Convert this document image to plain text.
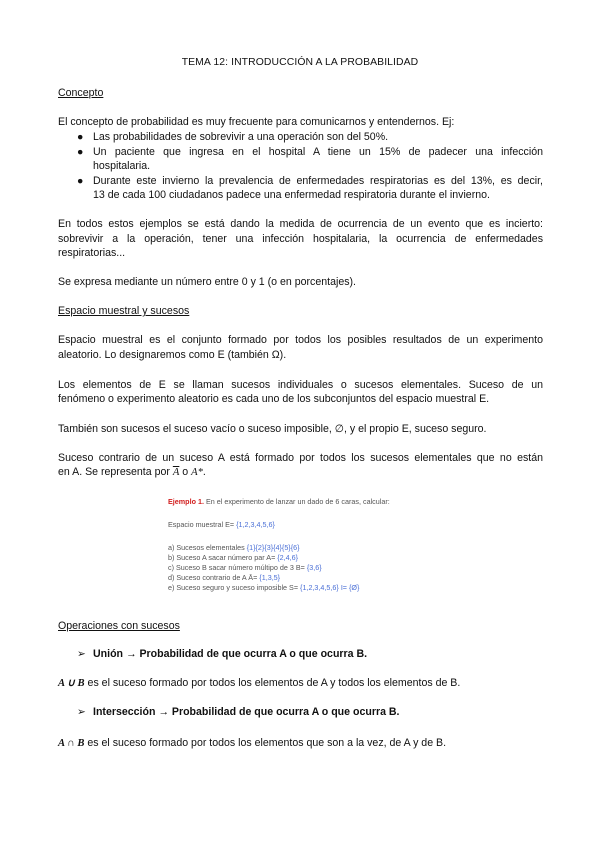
TEMA 12: INTRODUCCIÓN A LA PROBABILIDAD
Concepto
El concepto de probabilidad es muy frecuente para comunicarnos y entendernos. Ej:
● Las probabilidades de sobrevivir a una operación son del 50%.
● Un paciente que ingresa en el hospital A tiene un 15% de padecer una infección
hospitalaria.
● Durante este invierno la prevalencia de enfermedades respiratorias es del 13%, es decir,
13 de cada 100 ciudadanos padece una enfermedad respiratoria durante el invierno.
En todos estos ejemplos se está dando la medida de ocurrencia de un evento que es incierto:
sobrevivir a la operación, tener una infección hospitalaria, la ocurrencia de enfermedades
respiratorias...
Se expresa mediante un número entre 0 y 1 (o en porcentajes).
Espacio muestral y sucesos
Espacio muestral es el conjunto formado por todos los posibles resultados de un experimento
aleatorio. Lo designaremos como E (también Ω).
Los elementos de E se llaman sucesos individuales o sucesos elementales. Suceso de un
fenómeno o experimento aleatorio es cada uno de los subconjuntos del espacio muestral E.
También son sucesos el suceso vacío o suceso imposible, ∅, y el propio E, suceso seguro.
Suceso contrario de un suceso A está formado por todos los sucesos elementales que no están
en A. Se representa por $\overline{A}$ o A*.
Ejemplo 1. En el experimento de lanzar un dado de 6 caras, calcular:
Espacio muestral E= {1,2,3,4,5,6}
a) Sucesos elementales {1}{2}{3}{4}{5}{6}
b) Suceso A sacar número par A= {2,4,6}
c) Suceso B sacar número múltipo de 3 B= {3,6}
d) Suceso contrario de A Ā= {1,3,5}
e) Suceso seguro y suceso imposible S= {1,2,3,4,5,6} I= {Ø}
Operaciones con sucesos
➢ Unión → Probabilidad de que ocurra A o que ocurra B.
A ∪ B es el suceso formado por todos los elementos de A y todos los elementos de B.
➢ Intersección → Probabilidad de que ocurra A o que ocurra B.
A ∩ B es el suceso formado por todos los elementos que son a la vez, de A y de B.
